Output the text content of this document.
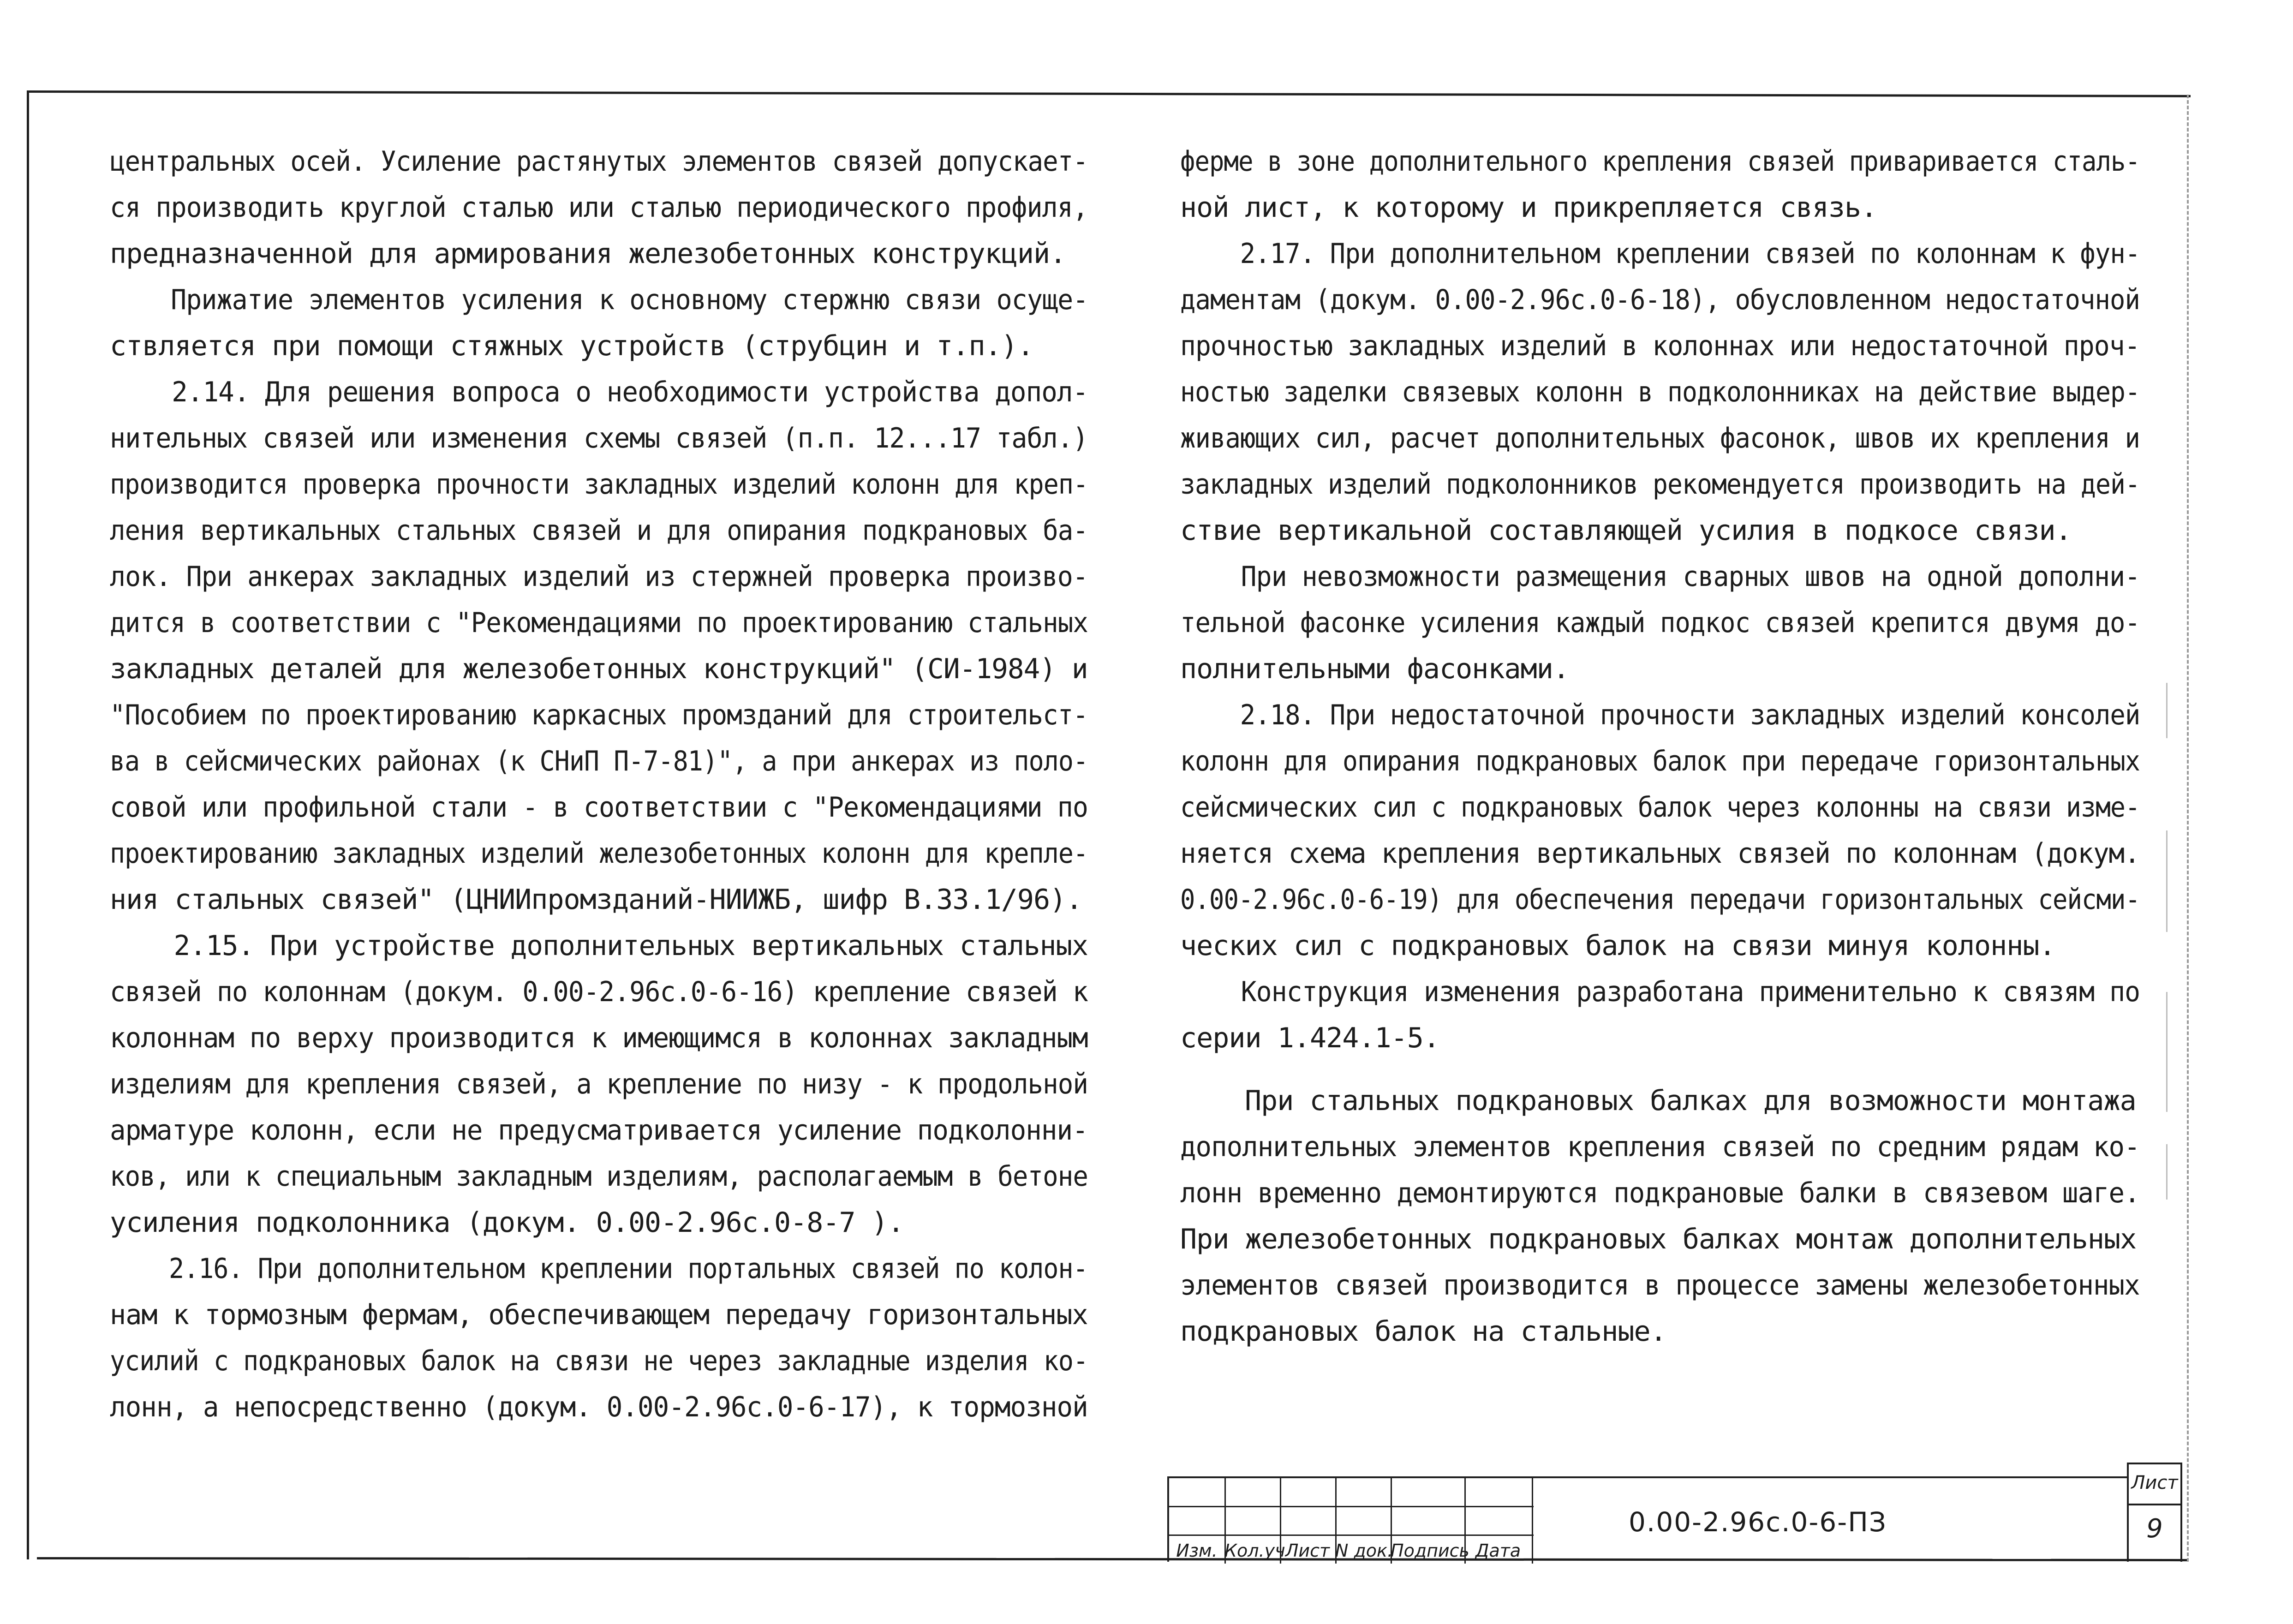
центральных осей. Усиление растянутых элементов связей допускает-
ся производить круглой сталью или сталью периодического профиля,
предназначенной для армирования железобетонных конструкций.
Прижатие элементов усиления к основному стержню связи осуще-
ствляется при помощи стяжных устройств (струбцин и т.п.).
2.14. Для решения вопроса о необходимости устройства допол-
нительных связей или изменения схемы связей (п.п. 12...17 табл.)
производится проверка прочности закладных изделий колонн для креп-
ления вертикальных стальных связей и для опирания подкрановых ба-
лок. При анкерах закладных изделий из стержней проверка произво-
дится в соответствии с "Рекомендациями по проектированию стальных
закладных деталей для железобетонных конструкций" (СИ-1984) и
"Пособием по проектированию каркасных промзданий для строительст-
ва в сейсмических районах (к СНиП П-7-81)", а при анкерах из поло-
совой или профильной стали - в соответствии с "Рекомендациями по
проектированию закладных изделий железобетонных колонн для крепле-
ния стальных связей" (ЦНИИпромзданий-НИИЖБ, шифр В.33.1/96).
2.15. При устройстве дополнительных вертикальных стальных
связей по колоннам (докум. 0.00-2.96с.0-6-16) крепление связей к
колоннам по верху производится к имеющимся в колоннах закладным
изделиям для крепления связей, а крепление по низу - к продольной
арматуре колонн, если не предусматривается усиление подколонни-
ков, или к специальным закладным изделиям, располагаемым в бетоне
усиления подколонника (докум. 0.00-2.96с.0-8-7 ).
2.16. При дополнительном креплении портальных связей по колон-
нам к тормозным фермам, обеспечивающем передачу горизонтальных
усилий с подкрановых балок на связи не через закладные изделия ко-
лонн, а непосредственно (докум. 0.00-2.96с.0-6-17), к тормозной
ферме в зоне дополнительного крепления связей приваривается сталь-
ной лист, к которому и прикрепляется связь.
2.17. При дополнительном креплении связей по колоннам к фун-
даментам (докум. 0.00-2.96с.0-6-18), обусловленном недостаточной
прочностью закладных изделий в колоннах или недостаточной проч-
ностью заделки связевых колонн в подколонниках на действие выдер-
живающих сил, расчет дополнительных фасонок, швов их крепления и
закладных изделий подколонников рекомендуется производить на дей-
ствие вертикальной составляющей усилия в подкосе связи.
При невозможности размещения сварных швов на одной дополни-
тельной фасонке усиления каждый подкос связей крепится двумя до-
полнительными фасонками.
2.18. При недостаточной прочности закладных изделий консолей
колонн для опирания подкрановых балок при передаче горизонтальных
сейсмических сил с подкрановых балок через колонны на связи изме-
няется схема крепления вертикальных связей по колоннам (докум.
0.00-2.96с.0-6-19) для обеспечения передачи горизонтальных сейсми-
ческих сил с подкрановых балок на связи минуя колонны.
Конструкция изменения разработана применительно к связям по
серии 1.424.1-5.
При стальных подкрановых балках для возможности монтажа
дополнительных элементов крепления связей по средним рядам ко-
лонн временно демонтируются подкрановые балки в связевом шаге.
При железобетонных подкрановых балках монтаж дополнительных
элементов связей производится в процессе замены железобетонных
подкрановых балок на стальные.
Изм. Кол.уч Лист N док.
Подпись Дата
0.00-2.96с.0-6-ПЗ
Лист
9
